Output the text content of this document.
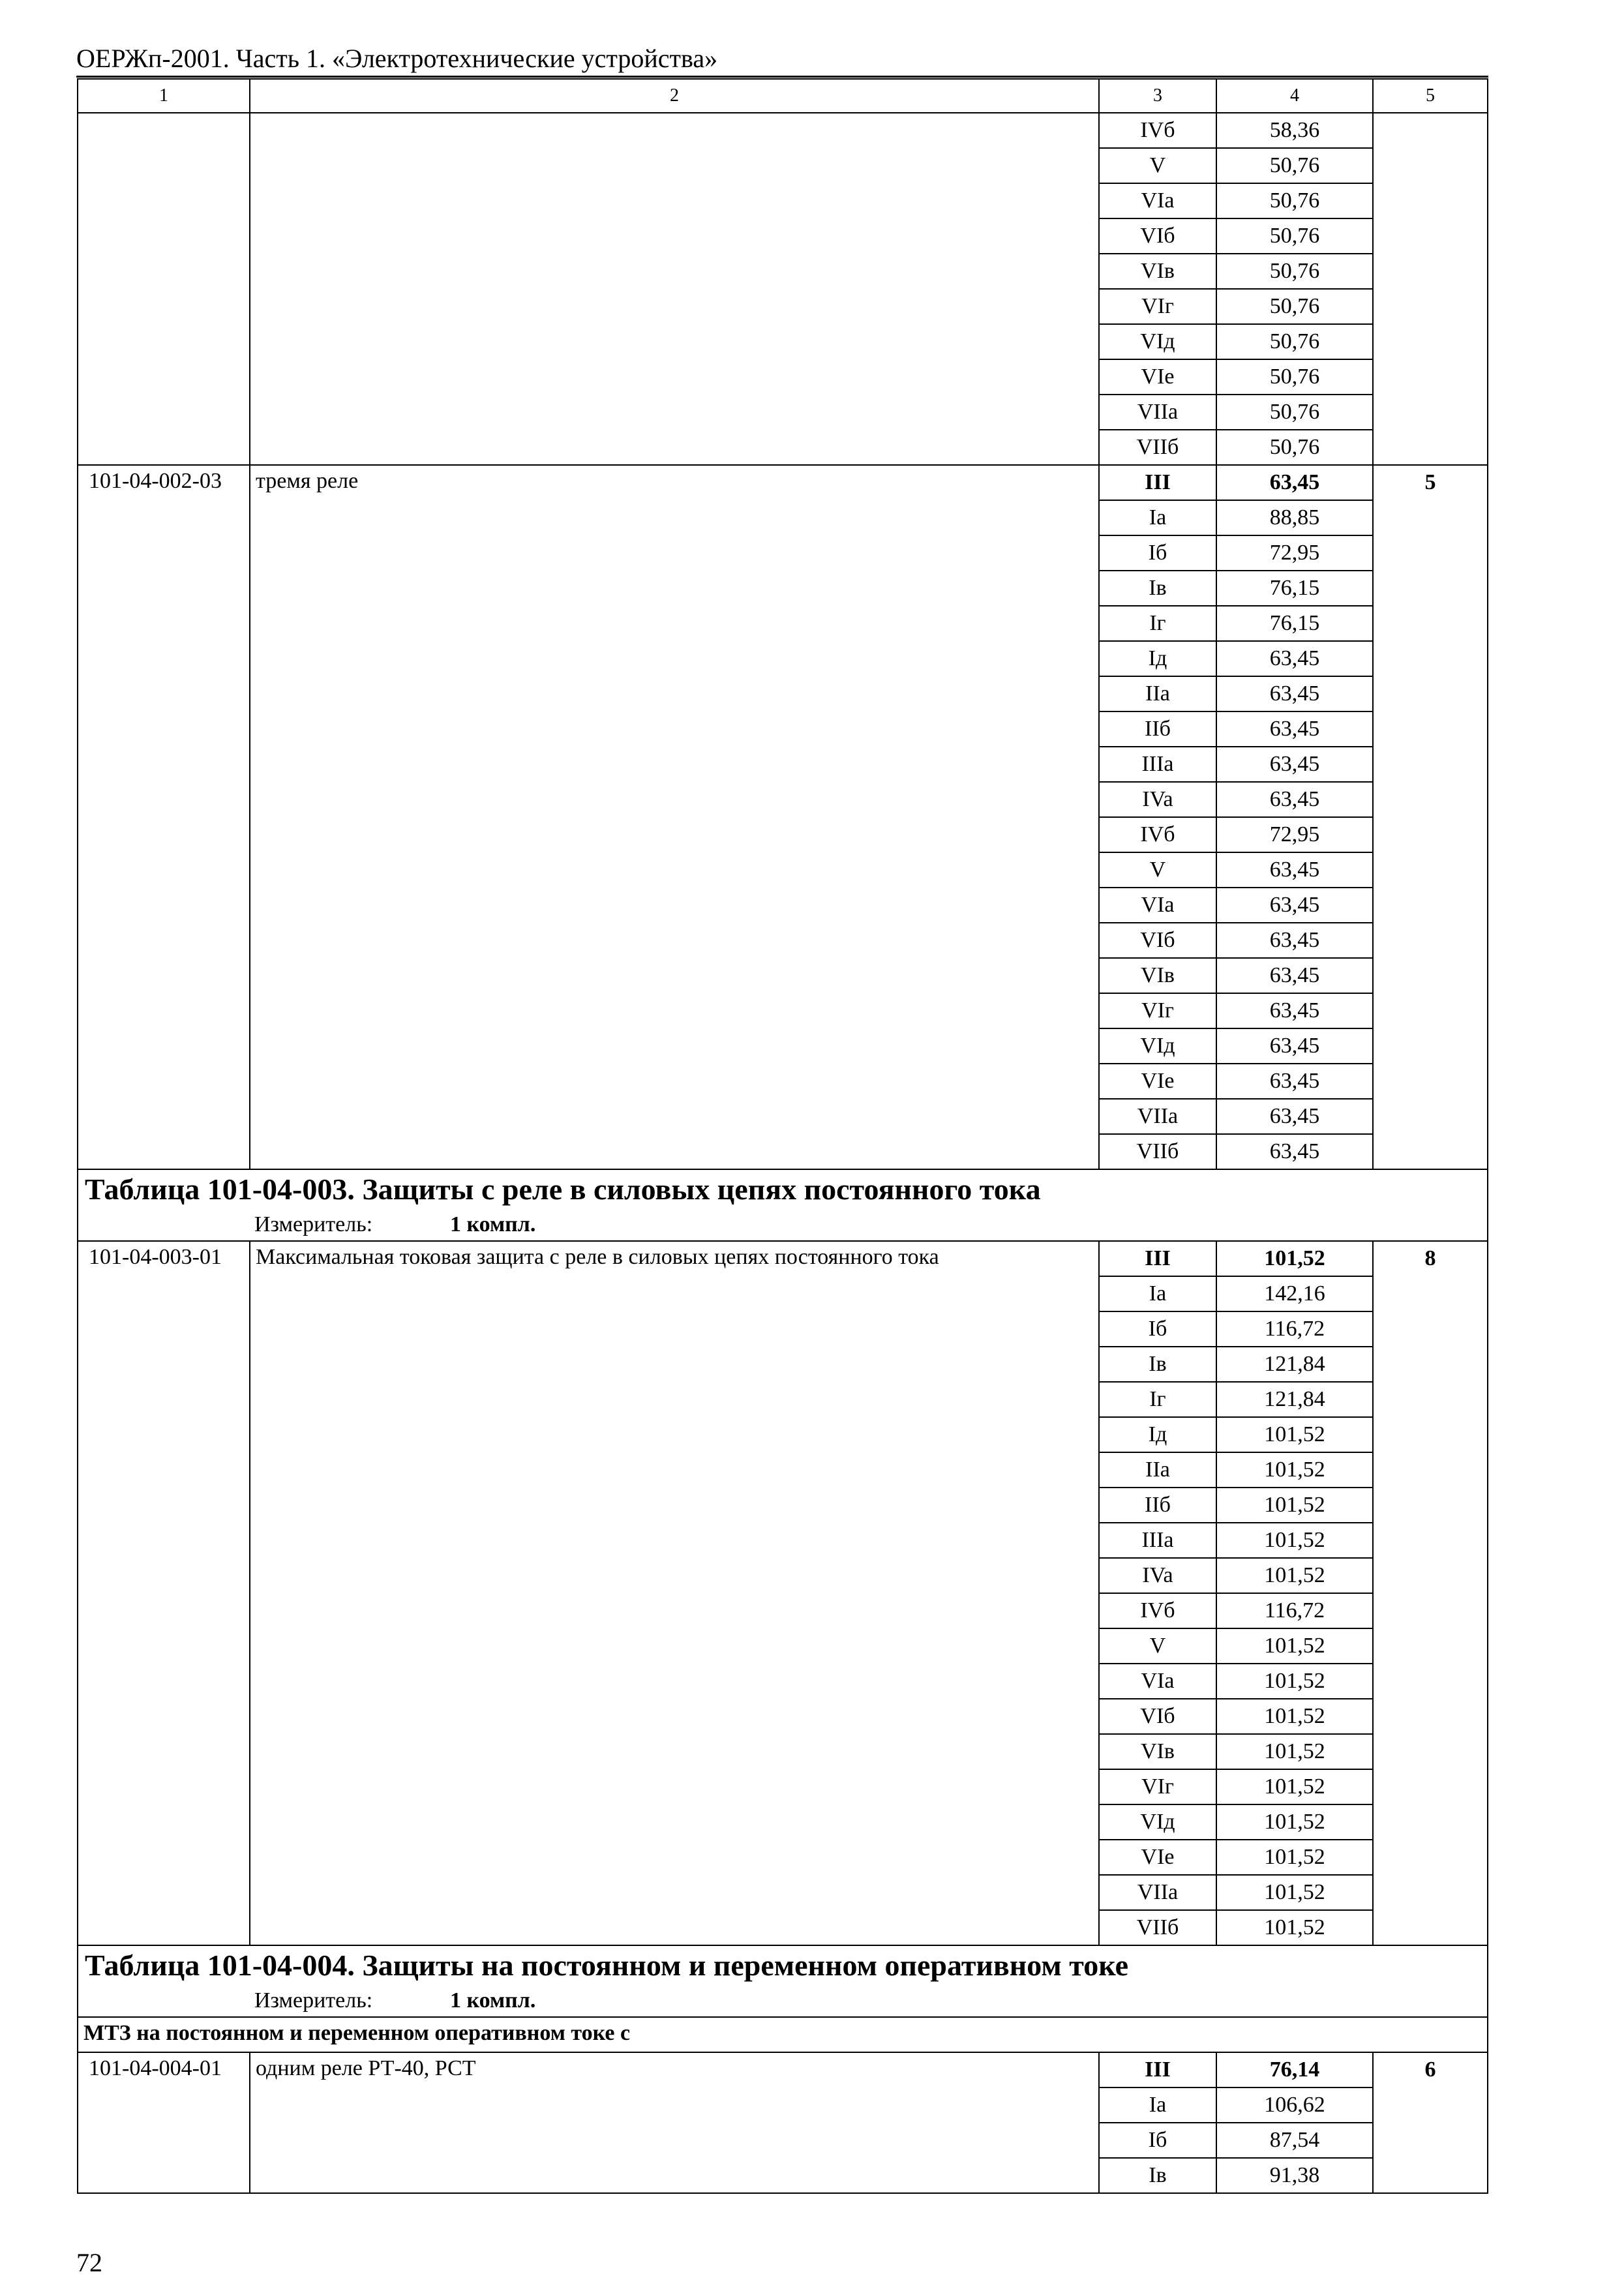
ОЕРЖп-2001. Часть 1. «Электротехнические устройства»
1	2	3	4	5
		IVб	58,36	
		V	50,76	
		VIa	50,76	
		VIб	50,76	
		VIв	50,76	
		VIг	50,76	
		VIд	50,76	
		VIe	50,76	
		VIIa	50,76	
		VIIб	50,76	
101-04-002-03	тремя реле	III	63,45	5
		Ia	88,85	
		Iб	72,95	
		Iв	76,15	
		Iг	76,15	
		Iд	63,45	
		IIa	63,45	
		IIб	63,45	
		IIIa	63,45	
		IVa	63,45	
		IVб	72,95	
		V	63,45	
		VIa	63,45	
		VIб	63,45	
		VIв	63,45	
		VIг	63,45	
		VIд	63,45	
		VIe	63,45	
		VIIa	63,45	
		VIIб	63,45	
Таблица 101-04-003. Защиты с реле в силовых цепях постоянного тока				
Измеритель: 1 компл.				
101-04-003-01	Максимальная токовая защита с реле в силовых цепях постоянного тока	III	101,52	8
		Ia	142,16	
		Iб	116,72	
		Iв	121,84	
		Iг	121,84	
		Iд	101,52	
		IIa	101,52	
		IIб	101,52	
		IIIa	101,52	
		IVa	101,52	
		IVб	116,72	
		V	101,52	
		VIa	101,52	
		VIб	101,52	
		VIв	101,52	
		VIг	101,52	
		VIд	101,52	
		VIe	101,52	
		VIIa	101,52	
		VIIб	101,52	
Таблица 101-04-004. Защиты на постоянном и переменном оперативном токе				
Измеритель: 1 компл.				
МТЗ на постоянном и переменном оперативном токе с				
101-04-004-01	одним реле РТ-40, РСТ	III	76,14	6
		Ia	106,62	
		Iб	87,54	
		Iв	91,38	
72
